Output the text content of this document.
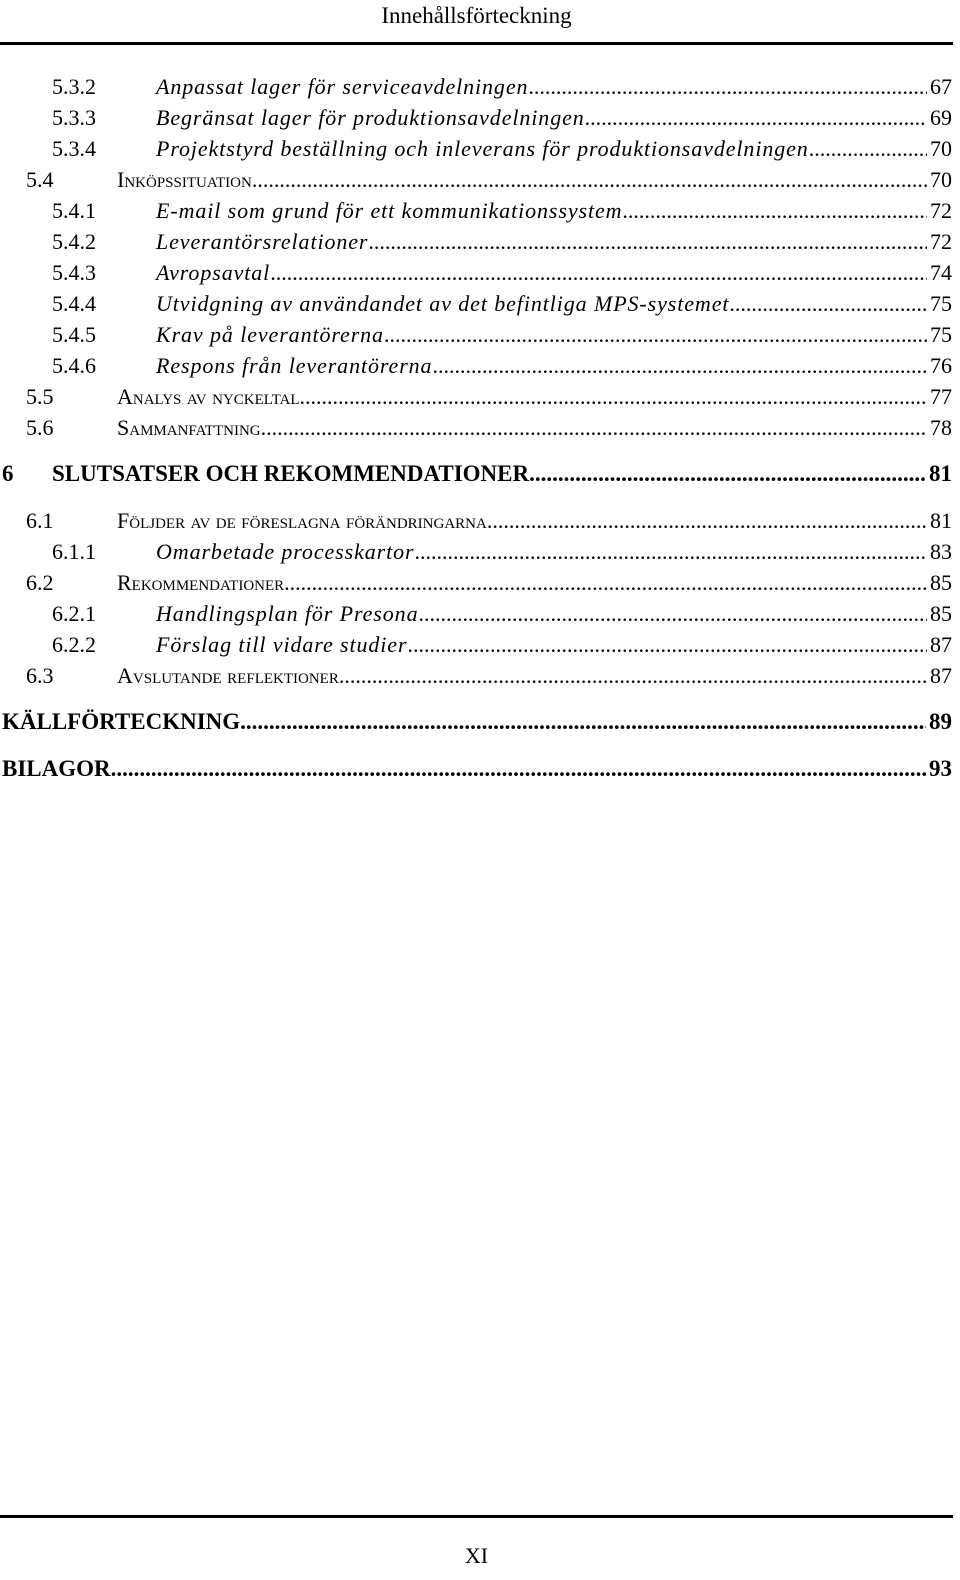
Innehållsförteckning
5.3.2	Anpassat lager för serviceavdelningen .....	67
5.3.3	Begränsat lager för produktionsavdelningen .....	69
5.3.4	Projektstyrd beställning och inleverans för produktionsavdelningen .....	70
5.4	Inköpssituation .....	70
5.4.1	E-mail som grund för ett kommunikationssystem .....	72
5.4.2	Leverantörsrelationer .....	72
5.4.3	Avropsavtal .....	74
5.4.4	Utvidgning av användandet av det befintliga MPS-systemet .....	75
5.4.5	Krav på leverantörerna .....	75
5.4.6	Respons från leverantörerna .....	76
5.5	Analys av nyckeltal .....	77
5.6	Sammanfattning .....	78
6 SLUTSATSER OCH REKOMMENDATIONER .....	81
6.1	Följder av de föreslagna förändringarna .....	81
6.1.1	Omarbetade processkartor .....	83
6.2	Rekommendationer .....	85
6.2.1	Handlingsplan för Presona .....	85
6.2.2	Förslag till vidare studier .....	87
6.3	Avslutande reflektioner .....	87
KÄLLFÖRTECKNING .....	89
BILAGOR .....	93
XI
